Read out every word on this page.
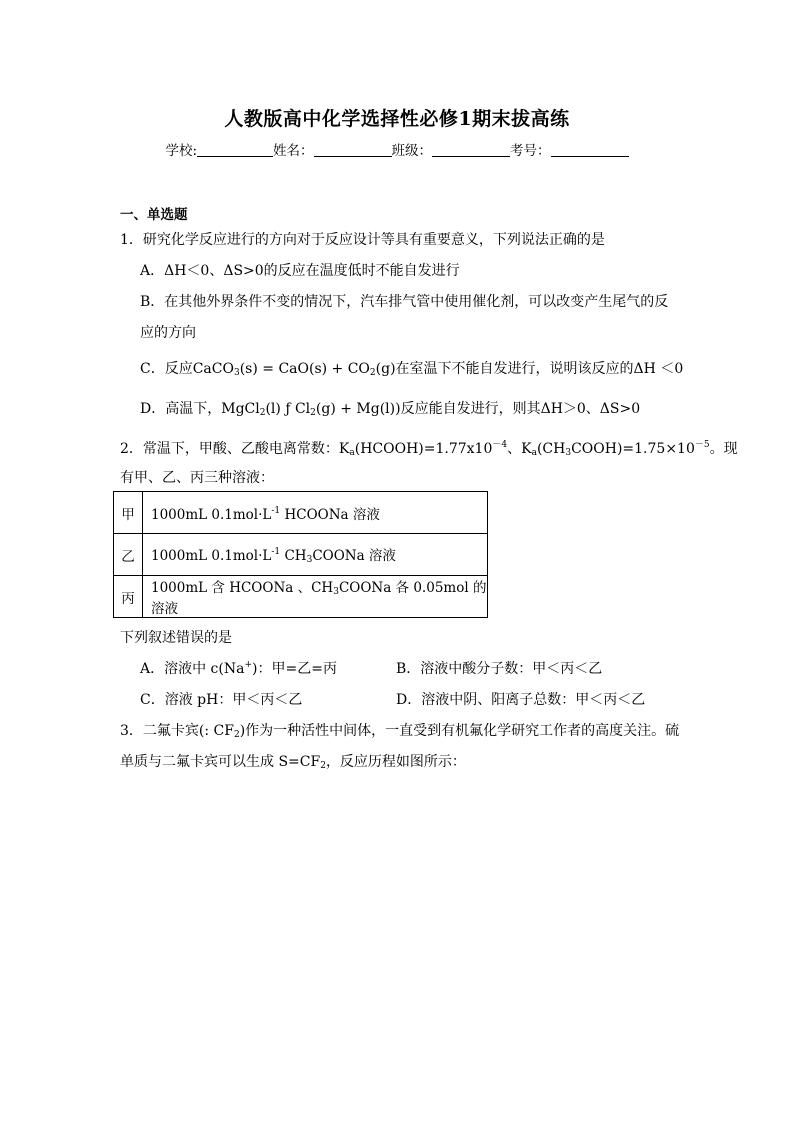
人教版高中化学选择性必修1期末拔高练
学校:	姓名：	班级：	考号：
一、单选题
1．研究化学反应进行的方向对于反应设计等具有重要意义，下列说法正确的是
A．ΔH＜0、ΔS>0的反应在温度低时不能自发进行
B．在其他外界条件不变的情况下，汽车排气管中使用催化剂，可以改变产生尾气的反
应的方向
C．反应CaCO$_3$(s) = $CaO(s) + CO_2(g)$在室温下不能自发进行，说明该反应的ΔH ＜0
D．高温下，MgCl$_2$(l) ƒ $Cl_2(g) + Mg(l)$)反应能自发进行，则其ΔH＞0、ΔS>0
2．常温下，甲酸、乙酸电离常数：$K_a(HCOOH)=1.77x10^{-4}$、$K_a(CH_3COOH)=1.75\times 10^{-5}$。现
有甲、乙、丙三种溶液：
甲	1000mL $0.1mol\cdot L^{-1}$ HCOONa 溶液
乙	1000mL $0.1mol\cdot L^{-1}$ $CH_3COONa$ 溶液
丙	1000mL 含 HCOONa 、$CH_3COONa$ 各 0.05mol 的溶液
下列叙述错误的是
A．溶液中 c(Na+)：甲=乙=丙	B．溶液中酸分子数：甲＜丙＜乙
C．溶液 pH：甲＜丙＜乙	D．溶液中阴、阳离子总数：甲＜丙＜乙
3．二氟卡宾(: $CF_2$)作为一种活性中间体，一直受到有机氟化学研究工作者的高度关注。硫
单质与二氟卡宾可以生成 $S=CF_2$，反应历程如图所示：
